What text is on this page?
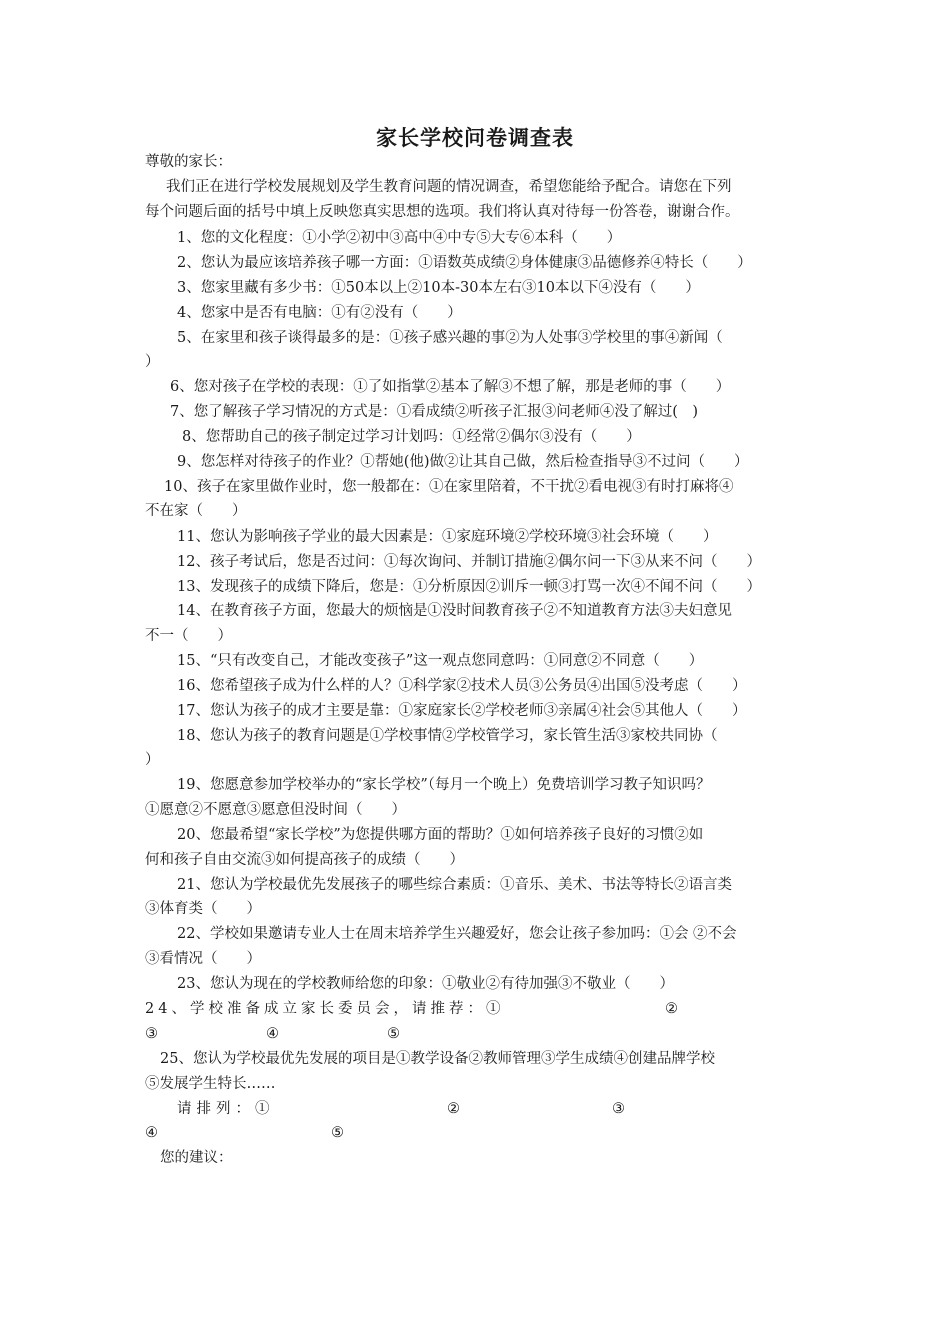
家长学校问卷调查表
尊敬的家长：
我们正在进行学校发展规划及学生教育问题的情况调查，希望您能给予配合。请您在下列
每个问题后面的括号中填上反映您真实思想的选项。我们将认真对待每一份答卷，谢谢合作。
1、您的文化程度：①小学②初中③高中④中专⑤大专⑥本科（　　）
2、您认为最应该培养孩子哪一方面：①语数英成绩②身体健康③品德修养④特长（　　）
3、您家里藏有多少书：①50本以上②10本-30本左右③10本以下④没有（　　）
4、您家中是否有电脑：①有②没有（　　）
5、在家里和孩子谈得最多的是：①孩子感兴趣的事②为人处事③学校里的事④新闻（
）
6、您对孩子在学校的表现：①了如指掌②基本了解③不想了解，那是老师的事（　　）
7、您了解孩子学习情况的方式是：①看成绩②听孩子汇报③问老师④没了解过(　)
8、您帮助自己的孩子制定过学习计划吗：①经常②偶尔③没有（　　）
9、您怎样对待孩子的作业？①帮她(他)做②让其自己做，然后检查指导③不过问（　　）
10、孩子在家里做作业时，您一般都在：①在家里陪着，不干扰②看电视③有时打麻将④
不在家（　　）
11、您认为影响孩子学业的最大因素是：①家庭环境②学校环境③社会环境（　　）
12、孩子考试后，您是否过问：①每次询问、并制订措施②偶尔问一下③从来不问（　　）
13、发现孩子的成绩下降后，您是：①分析原因②训斥一顿③打骂一次④不闻不问（　　）
14、在教育孩子方面，您最大的烦恼是①没时间教育孩子②不知道教育方法③夫妇意见
不一（　　）
15、“只有改变自己，才能改变孩子”这一观点您同意吗：①同意②不同意（　　）
16、您希望孩子成为什么样的人？①科学家②技术人员③公务员④出国⑤没考虑（　　）
17、您认为孩子的成才主要是靠：①家庭家长②学校老师③亲属④社会⑤其他人（　　）
18、您认为孩子的教育问题是①学校事情②学校管学习，家长管生活③家校共同协（
）
19、您愿意参加学校举办的“家长学校”（每月一个晚上）免费培训学习教子知识吗？
①愿意②不愿意③愿意但没时间（　　）
20、您最希望“家长学校”为您提供哪方面的帮助？①如何培养孩子良好的习惯②如
何和孩子自由交流③如何提高孩子的成绩（　　）
21、您认为学校最优先发展孩子的哪些综合素质：①音乐、美术、书法等特长②语言类
③体育类（　　）
22、学校如果邀请专业人士在周末培养学生兴趣爱好，您会让孩子参加吗：①会 ②不会
③看情况（　　）
23、您认为现在的学校教师给您的印象：①敬业②有待加强③不敬业（　　）
24、学校准备成立家长委员会，请推荐：①	②
③	④	⑤
25、您认为学校最优先发展的项目是①教学设备②教师管理③学生成绩④创建品牌学校
⑤发展学生特长……
请排列：①	②	③
④	⑤
您的建议：
